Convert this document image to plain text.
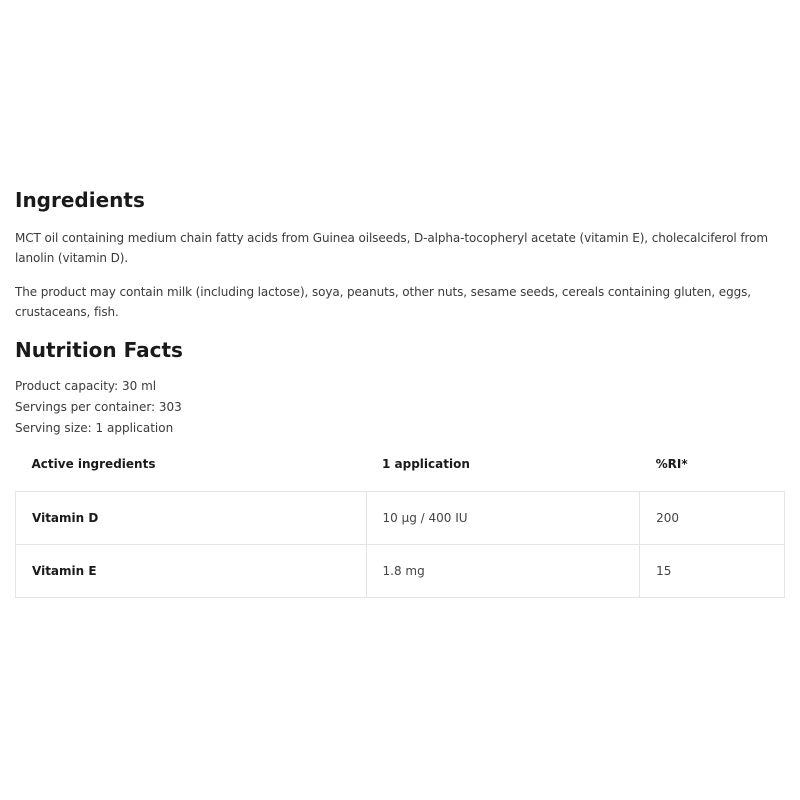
Ingredients

MCT oil containing medium chain fatty acids from Guinea oilseeds, D-alpha-tocopheryl acetate (vitamin E), cholecalciferol from lanolin (vitamin D).

The product may contain milk (including lactose), soya, peanuts, other nuts, sesame seeds, cereals containing gluten, eggs, crustaceans, fish.

Nutrition Facts
Product capacity: 30 ml
Servings per container: 303
Serving size: 1 application
Active ingredients	1 application	%RI*
Vitamin D	10 μg / 400 IU	200
Vitamin E	1.8 mg	15
